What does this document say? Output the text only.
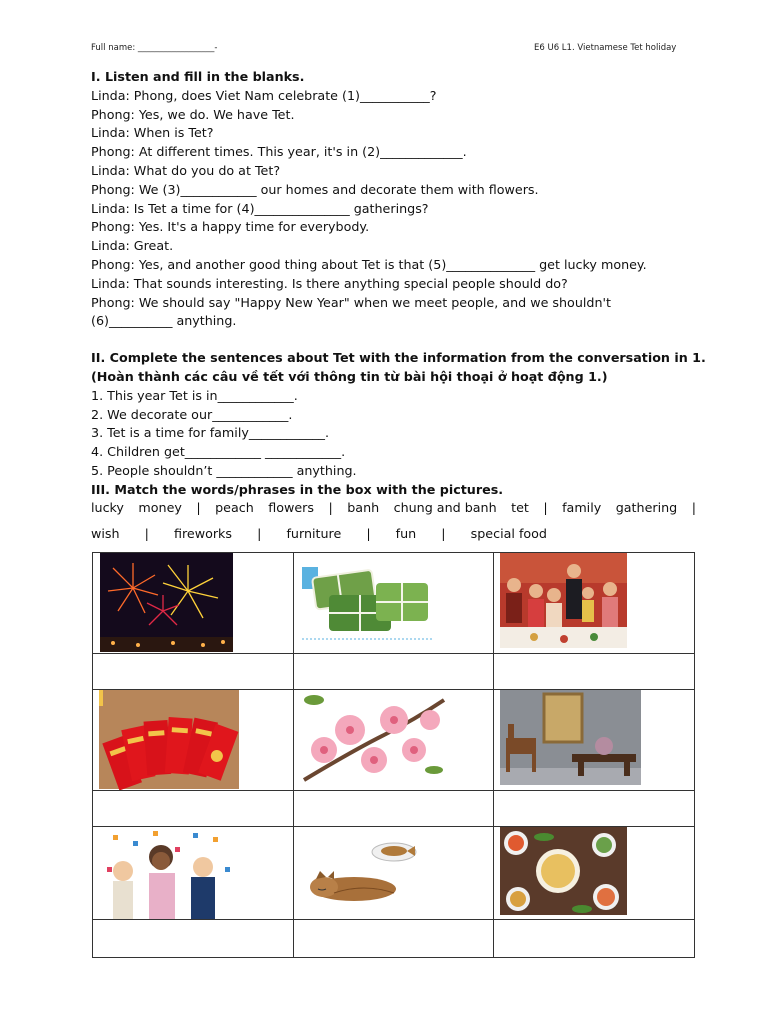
Full name: __________________-	E6 U6 L1. Vietnamese Tet holiday
I. Listen and fill in the blanks.
Linda: Phong, does Viet Nam celebrate (1)___________?
Phong: Yes, we do. We have Tet.
Linda: When is Tet?
Phong: At different times. This year, it's in (2)_____________.
Linda: What do you do at Tet?
Phong: We (3)____________ our homes and decorate them with flowers.
Linda: Is Tet a time for (4)_______________ gatherings?
Phong: Yes. It's a happy time for everybody.
Linda: Great.
Phong: Yes, and another good thing about Tet is that (5)______________ get lucky money.
Linda: That sounds interesting. Is there anything special people should do?
Phong: We should say "Happy New Year" when we meet people, and we shouldn't (6)__________ anything.
II. Complete the sentences about Tet with the information from the conversation in 1.
(Hoàn thành các câu về tết với thông tin từ bài hội thoại ở hoạt động 1.)
1. This year Tet is in____________.
2. We decorate our____________.
3. Tet is a time for family____________.
4. Children get____________ ____________.
5. People shouldn’t ____________ anything.
III. Match the words/phrases in the box with the pictures.
lucky money | peach flowers | banh chung and banh tet | family gathering |
wish | fireworks | furniture | fun | special food
